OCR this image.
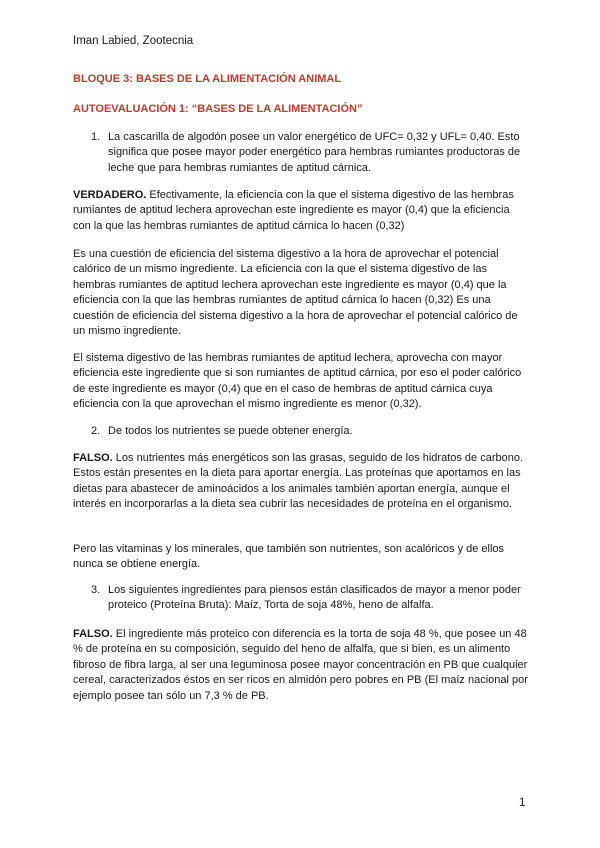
Iman Labied, Zootecnia
BLOQUE 3: BASES DE LA ALIMENTACIÓN ANIMAL
AUTOEVALUACIÓN 1: “BASES DE LA ALIMENTACIÓN”
1. La cascarilla de algodón posee un valor energético de UFC= 0,32 y UFL= 0,40. Esto significa que posee mayor poder energético para hembras rumiantes productoras de leche que para hembras rumiantes de aptitud cárnica.
VERDADERO. Efectivamente, la eficiencia con la que el sistema digestivo de las hembras rumiantes de aptitud lechera aprovechan este ingrediente es mayor (0,4) que la eficiencia con la que las hembras rumiantes de aptitud cárnica lo hacen (0,32)
Es una cuestión de eficiencia del sistema digestivo a la hora de aprovechar el potencial calórico de un mismo ingrediente. La eficiencia con la que el sistema digestivo de las hembras rumiantes de aptitud lechera aprovechan este ingrediente es mayor (0,4) que la eficiencia con la que las hembras rumiantes de aptitud cárnica lo hacen (0,32) Es una cuestión de eficiencia del sistema digestivo a la hora de aprovechar el potencial calórico de un mismo ingrediente.
El sistema digestivo de las hembras rumiantes de aptitud lechera, aprovecha con mayor eficiencia este ingrediente que si son rumiantes de aptitud cárnica, por eso el poder calórico de este ingrediente es mayor (0,4) que en el caso de hembras de aptitud cárnica cuya eficiencia con la que aprovechan el mismo ingrediente es menor (0,32).
2. De todos los nutrientes se puede obtener energía.
FALSO. Los nutrientes más energéticos son las grasas, seguido de los hidratos de carbono. Estos están presentes en la dieta para aportar energía. Las proteínas que aportamos en las dietas para abastecer de aminoácidos a los animales también aportan energía, aunque el interés en incorporarlas a la dieta sea cubrir las necesidades de proteína en el organismo.
Pero las vitaminas y los minerales, que también son nutrientes, son acalóricos y de ellos nunca se obtiene energía.
3. Los siguientes ingredientes para piensos están clasificados de mayor a menor poder proteico (Proteína Bruta): Maíz, Torta de soja 48%, heno de alfalfa.
FALSO. El ingrediente más proteico con diferencia es la torta de soja 48 %, que posee un 48 % de proteína en su composición, seguido del heno de alfalfa, que si bien, es un alimento fibroso de fibra larga, al ser una leguminosa posee mayor concentración en PB que cualquier cereal, caracterizados éstos en ser ricos en almidón pero pobres en PB (El maíz nacional por ejemplo posee tan sólo un 7,3 % de PB.
1
